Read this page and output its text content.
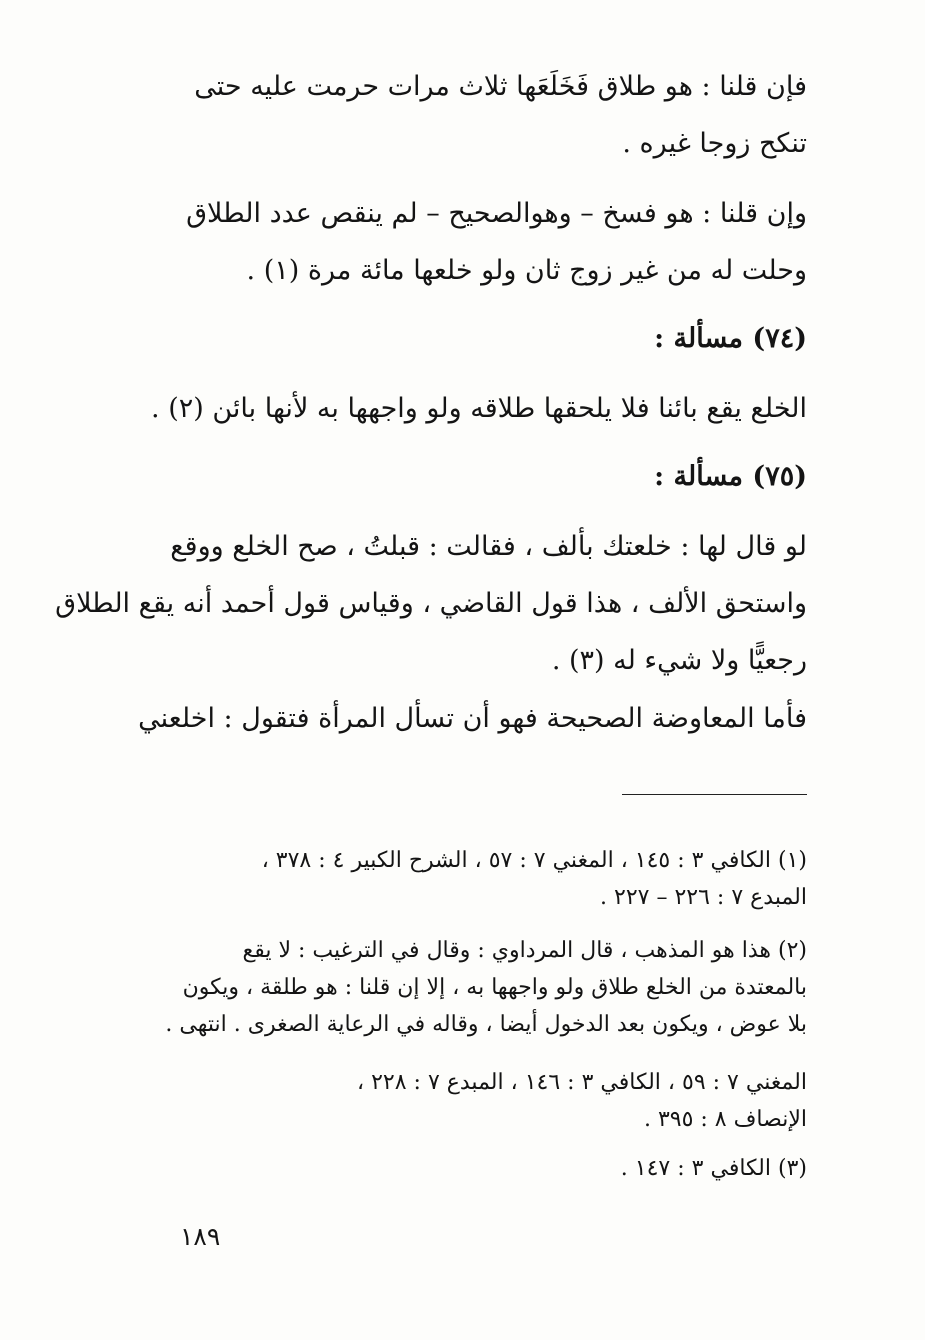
فإن قلنا : هو طلاق فَخَلَعَها ثلاث مرات حرمت عليه حتى
تنكح زوجا غيره .
وإن قلنا : هو فسخ – وهوالصحيح – لم ينقص عدد الطلاق
وحلت له من غير زوج ثان ولو خلعها مائة مرة (١) .
(٧٤) مسألة :
الخلع يقع بائنا فلا يلحقها طلاقه ولو واجهها به لأنها بائن (٢) .
(٧٥) مسألة :
لو قال لها : خلعتك بألف ، فقالت : قبلتُ ، صح الخلع ووقع
واستحق الألف ، هذا قول القاضي ، وقياس قول أحمد أنه يقع الطلاق
رجعيًّا ولا شيء له (٣) .
فأما المعاوضة الصحيحة فهو أن تسأل المرأة فتقول : اخلعني
(١) الكافي ٣ : ١٤٥ ، المغني ٧ : ٥٧ ، الشرح الكبير ٤ : ٣٧٨ ،
المبدع ٧ : ٢٢٦ – ٢٢٧ .
(٢) هذا هو المذهب ، قال المرداوي : وقال في الترغيب : لا يقع
بالمعتدة من الخلع طلاق ولو واجهها به ، إلا إن قلنا : هو طلقة ، ويكون
بلا عوض ، ويكون بعد الدخول أيضا ، وقاله في الرعاية الصغرى . انتهى .
المغني ٧ : ٥٩ ، الكافي ٣ : ١٤٦ ، المبدع ٧ : ٢٢٨ ،
الإنصاف ٨ : ٣٩٥ .
(٣) الكافي ٣ : ١٤٧ .
١٨٩
